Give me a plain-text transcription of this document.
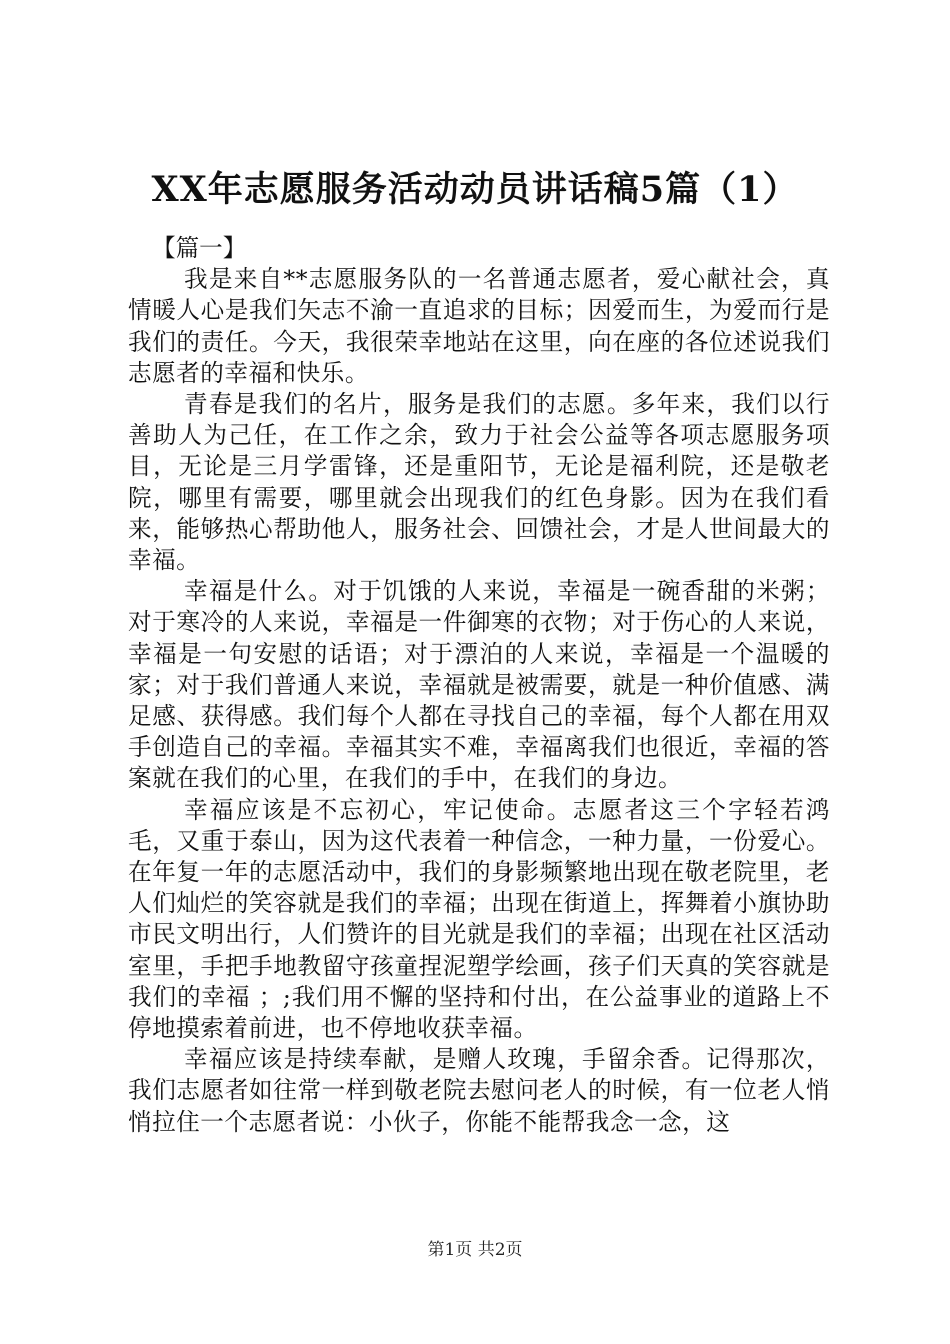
XX年志愿服务活动动员讲话稿5篇（1）

【篇一】

我是来自**志愿服务队的一名普通志愿者，爱心献社会，真情暖人心是我们矢志不渝一直追求的目标；因爱而生，为爱而行是我们的责任。今天，我很荣幸地站在这里，向在座的各位述说我们志愿者的幸福和快乐。

青春是我们的名片，服务是我们的志愿。多年来，我们以行善助人为己任，在工作之余，致力于社会公益等各项志愿服务项目，无论是三月学雷锋，还是重阳节，无论是福利院，还是敬老院，哪里有需要，哪里就会出现我们的红色身影。因为在我们看来，能够热心帮助他人，服务社会、回馈社会，才是人世间最大的幸福。

幸福是什么。对于饥饿的人来说，幸福是一碗香甜的米粥；对于寒冷的人来说，幸福是一件御寒的衣物；对于伤心的人来说，幸福是一句安慰的话语；对于漂泊的人来说，幸福是一个温暖的家；对于我们普通人来说，幸福就是被需要，就是一种价值感、满足感、获得感。我们每个人都在寻找自己的幸福，每个人都在用双手创造自己的幸福。幸福其实不难，幸福离我们也很近，幸福的答案就在我们的心里，在我们的手中，在我们的身边。

幸福应该是不忘初心，牢记使命。志愿者这三个字轻若鸿毛，又重于泰山，因为这代表着一种信念，一种力量，一份爱心。在年复一年的志愿活动中，我们的身影频繁地出现在敬老院里，老人们灿烂的笑容就是我们的幸福；出现在街道上，挥舞着小旗协助市民文明出行，人们赞许的目光就是我们的幸福；出现在社区活动室里，手把手地教留守孩童捏泥塑学绘画，孩子们天真的笑容就是我们的幸福 ；;我们用不懈的坚持和付出，在公益事业的道路上不停地摸索着前进，也不停地收获幸福。

幸福应该是持续奉献，是赠人玫瑰，手留余香。记得那次，我们志愿者如往常一样到敬老院去慰问老人的时候，有一位老人悄悄拉住一个志愿者说：小伙子，你能不能帮我念一念，这

第1页 共2页
